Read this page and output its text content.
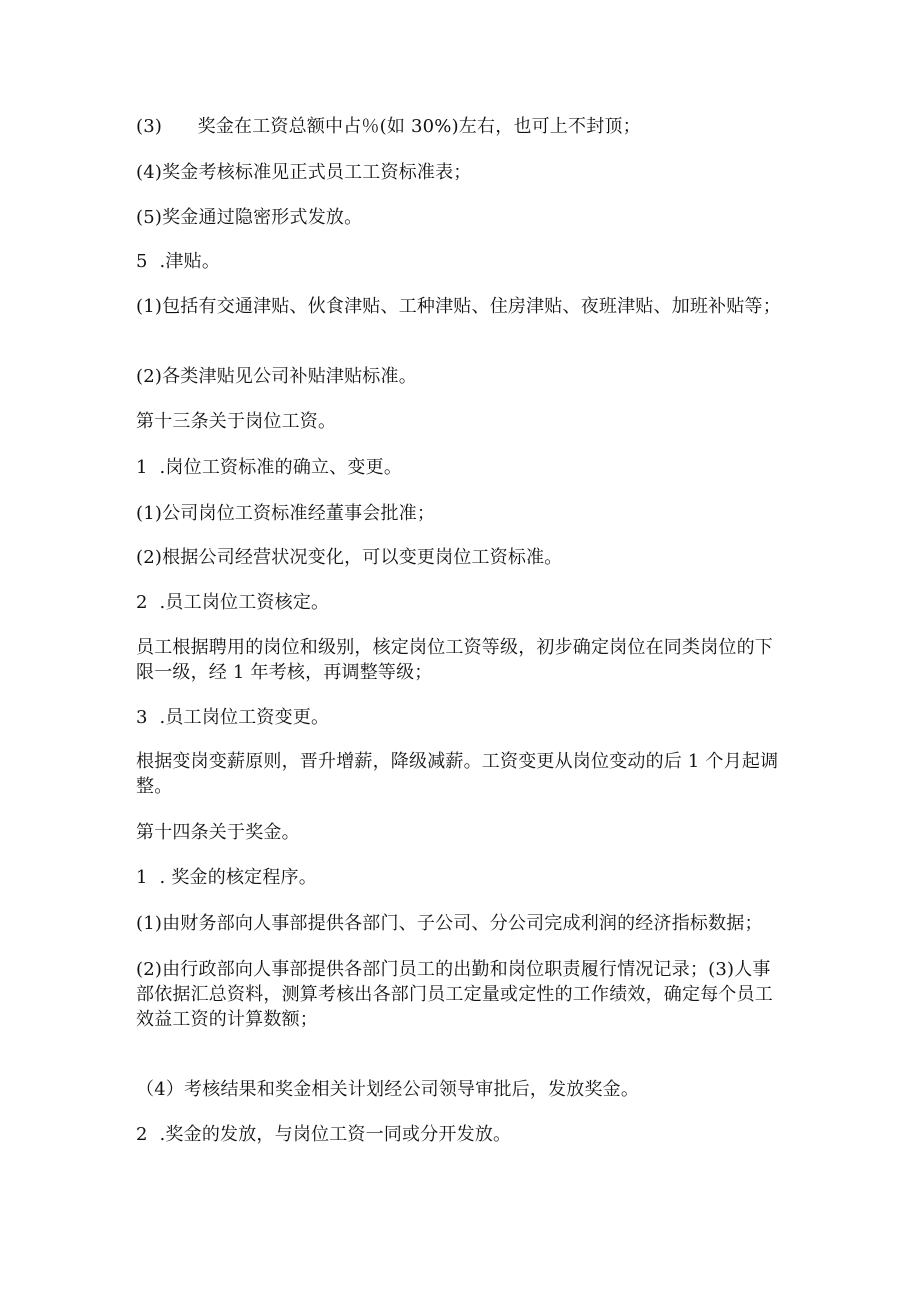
(3)      奖金在工资总额中占％(如 30%)左右，也可上不封顶；

(4)奖金考核标准见正式员工工资标准表；

(5)奖金通过隐密形式发放。

5  .津贴。

(1)包括有交通津贴、伙食津贴、工种津贴、住房津贴、夜班津贴、加班补贴等；

(2)各类津贴见公司补贴津贴标准。

第十三条关于岗位工资。

1  .岗位工资标准的确立、变更。

(1)公司岗位工资标准经董事会批准；

(2)根据公司经营状况变化，可以变更岗位工资标准。

2  .员工岗位工资核定。

员工根据聘用的岗位和级别，核定岗位工资等级，初步确定岗位在同类岗位的下限一级，经 1 年考核，再调整等级；

3  .员工岗位工资变更。

根据变岗变薪原则，晋升增薪，降级减薪。工资变更从岗位变动的后 1 个月起调整。

第十四条关于奖金。

1  . 奖金的核定程序。

(1)由财务部向人事部提供各部门、子公司、分公司完成利润的经济指标数据；

(2)由行政部向人事部提供各部门员工的出勤和岗位职责履行情况记录；(3)人事部依据汇总资料，测算考核出各部门员工定量或定性的工作绩效，确定每个员工效益工资的计算数额；

（4）考核结果和奖金相关计划经公司领导审批后，发放奖金。

2  .奖金的发放，与岗位工资一同或分开发放。
